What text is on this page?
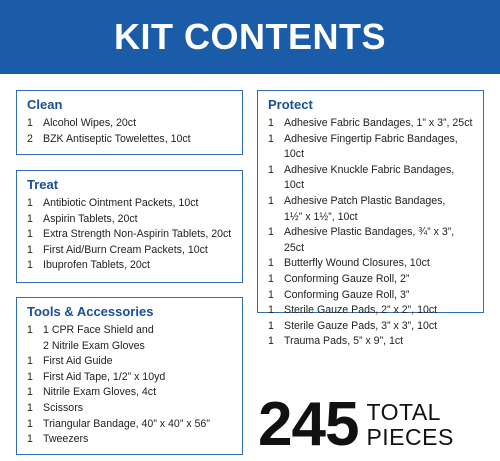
KIT CONTENTS
Clean
1 Alcohol Wipes, 20ct
2 BZK Antiseptic Towelettes, 10ct
Treat
1 Antibiotic Ointment Packets, 10ct
1 Aspirin Tablets, 20ct
1 Extra Strength Non-Aspirin Tablets, 20ct
1 First Aid/Burn Cream Packets, 10ct
1 Ibuprofen Tablets, 20ct
Tools & Accessories
1 1 CPR Face Shield and
2 Nitrile Exam Gloves
1 First Aid Guide
1 First Aid Tape, 1/2” x 10yd
1 Nitrile Exam Gloves, 4ct
1 Scissors
1 Triangular Bandage, 40” x 40” x 56”
1 Tweezers
Protect
1 Adhesive Fabric Bandages, 1” x 3”, 25ct
1 Adhesive Fingertip Fabric Bandages, 10ct
1 Adhesive Knuckle Fabric Bandages, 10ct
1 Adhesive Patch Plastic Bandages,
1½” x 1½”, 10ct
1 Adhesive Plastic Bandages, ¾” x 3”, 25ct
1 Butterfly Wound Closures, 10ct
1 Conforming Gauze Roll, 2”
1 Conforming Gauze Roll, 3”
1 Sterile Gauze Pads, 2” x 2”, 10ct
1 Sterile Gauze Pads, 3” x 3”, 10ct
1 Trauma Pads, 5” x 9”, 1ct
245 TOTAL
PIECES
